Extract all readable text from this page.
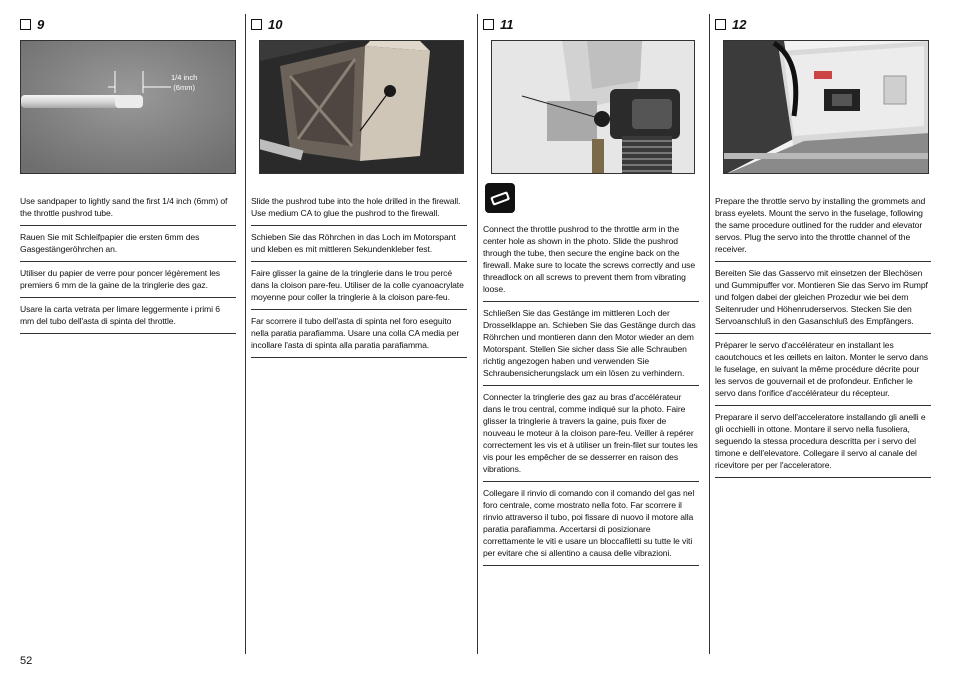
9
1/4 inch
(6mm)
Use sandpaper to lightly sand the first 1/4 inch (6mm) of the throttle pushrod tube.
Rauen Sie mit Schleifpapier die ersten 6mm des Gasgestängeröhrchen an.
Utiliser du papier de verre pour poncer légèrement les premiers 6 mm de la gaine de la tringlerie des gaz.
Usare la carta vetrata per limare leggermente i primi 6 mm del tubo dell'asta di spinta del throttle.
10
Slide the pushrod tube into the hole drilled in the firewall. Use medium CA to glue the pushrod to the firewall.
Schieben Sie das Röhrchen in das Loch im Motorspant und kleben es mit mittleren Sekundenkleber fest.
Faire glisser la gaine de la tringlerie dans le trou percé dans la cloison pare-feu. Utiliser de la colle cyanoacrylate moyenne pour coller la tringlerie à la cloison pare-feu.
Far scorrere il tubo dell'asta di spinta nel foro eseguito nella paratia parafiamma. Usare una colla CA media per incollare l'asta di spinta alla paratia parafiamma.
11
Connect the throttle pushrod to the throttle arm in the center hole as shown in the photo. Slide the pushrod through the tube, then secure the engine back on the firewall. Make sure to locate the screws correctly and use threadlock on all screws to prevent them from vibrating loose.
Schließen Sie das Gestänge im mittleren Loch der Drosselklappe an. Schieben Sie das Gestänge durch das Röhrchen und montieren dann den Motor wieder an dem Motorspant. Stellen Sie sicher dass Sie alle Schrauben richtig angezogen haben und verwenden Sie Schraubensicherungslack um ein lösen zu verhindern.
Connecter la tringlerie des gaz au bras d'accélérateur dans le trou central, comme indiqué sur la photo. Faire glisser la tringlerie à travers la gaine, puis fixer de nouveau le moteur à la cloison pare-feu. Veiller à repérer correctement les vis et à utiliser un frein-filet sur toutes les vis pour les empêcher de se desserrer en raison des vibrations.
Collegare il rinvio di comando con il comando del gas nel foro centrale, come mostrato nella foto. Far scorrere il rinvio attraverso il tubo, poi fissare di nuovo il motore alla paratia parafiamma. Accertarsi di posizionare correttamente le viti e usare un bloccafiletti su tutte le viti per evitare che si allentino a causa delle vibrazioni.
12
Prepare the throttle servo by installing the grommets and brass eyelets. Mount the servo in the fuselage, following the same procedure outlined for the rudder and elevator servos. Plug the servo into the throttle channel of the receiver.
Bereiten Sie das Gasservo mit einsetzen der Blechösen und Gummipuffer vor. Montieren Sie das Servo im Rumpf und folgen dabei der gleichen Prozedur wie bei dem Seitenruder und Höhenruderservos. Stecken Sie den Servoanschluß in den Gasanschluß des Empfängers.
Préparer le servo d'accélérateur en installant les caoutchoucs et les œillets en laiton. Monter le servo dans le fuselage, en suivant la même procédure décrite pour les servos de gouvernail et de profondeur. Enficher le servo dans l'orifice d'accélérateur du récepteur.
Preparare il servo dell'acceleratore installando gli anelli e gli occhielli in ottone. Montare il servo nella fusoliera, seguendo la stessa procedura descritta per i servo del timone e dell'elevatore. Collegare il servo al canale del ricevitore per per l'acceleratore.
52
